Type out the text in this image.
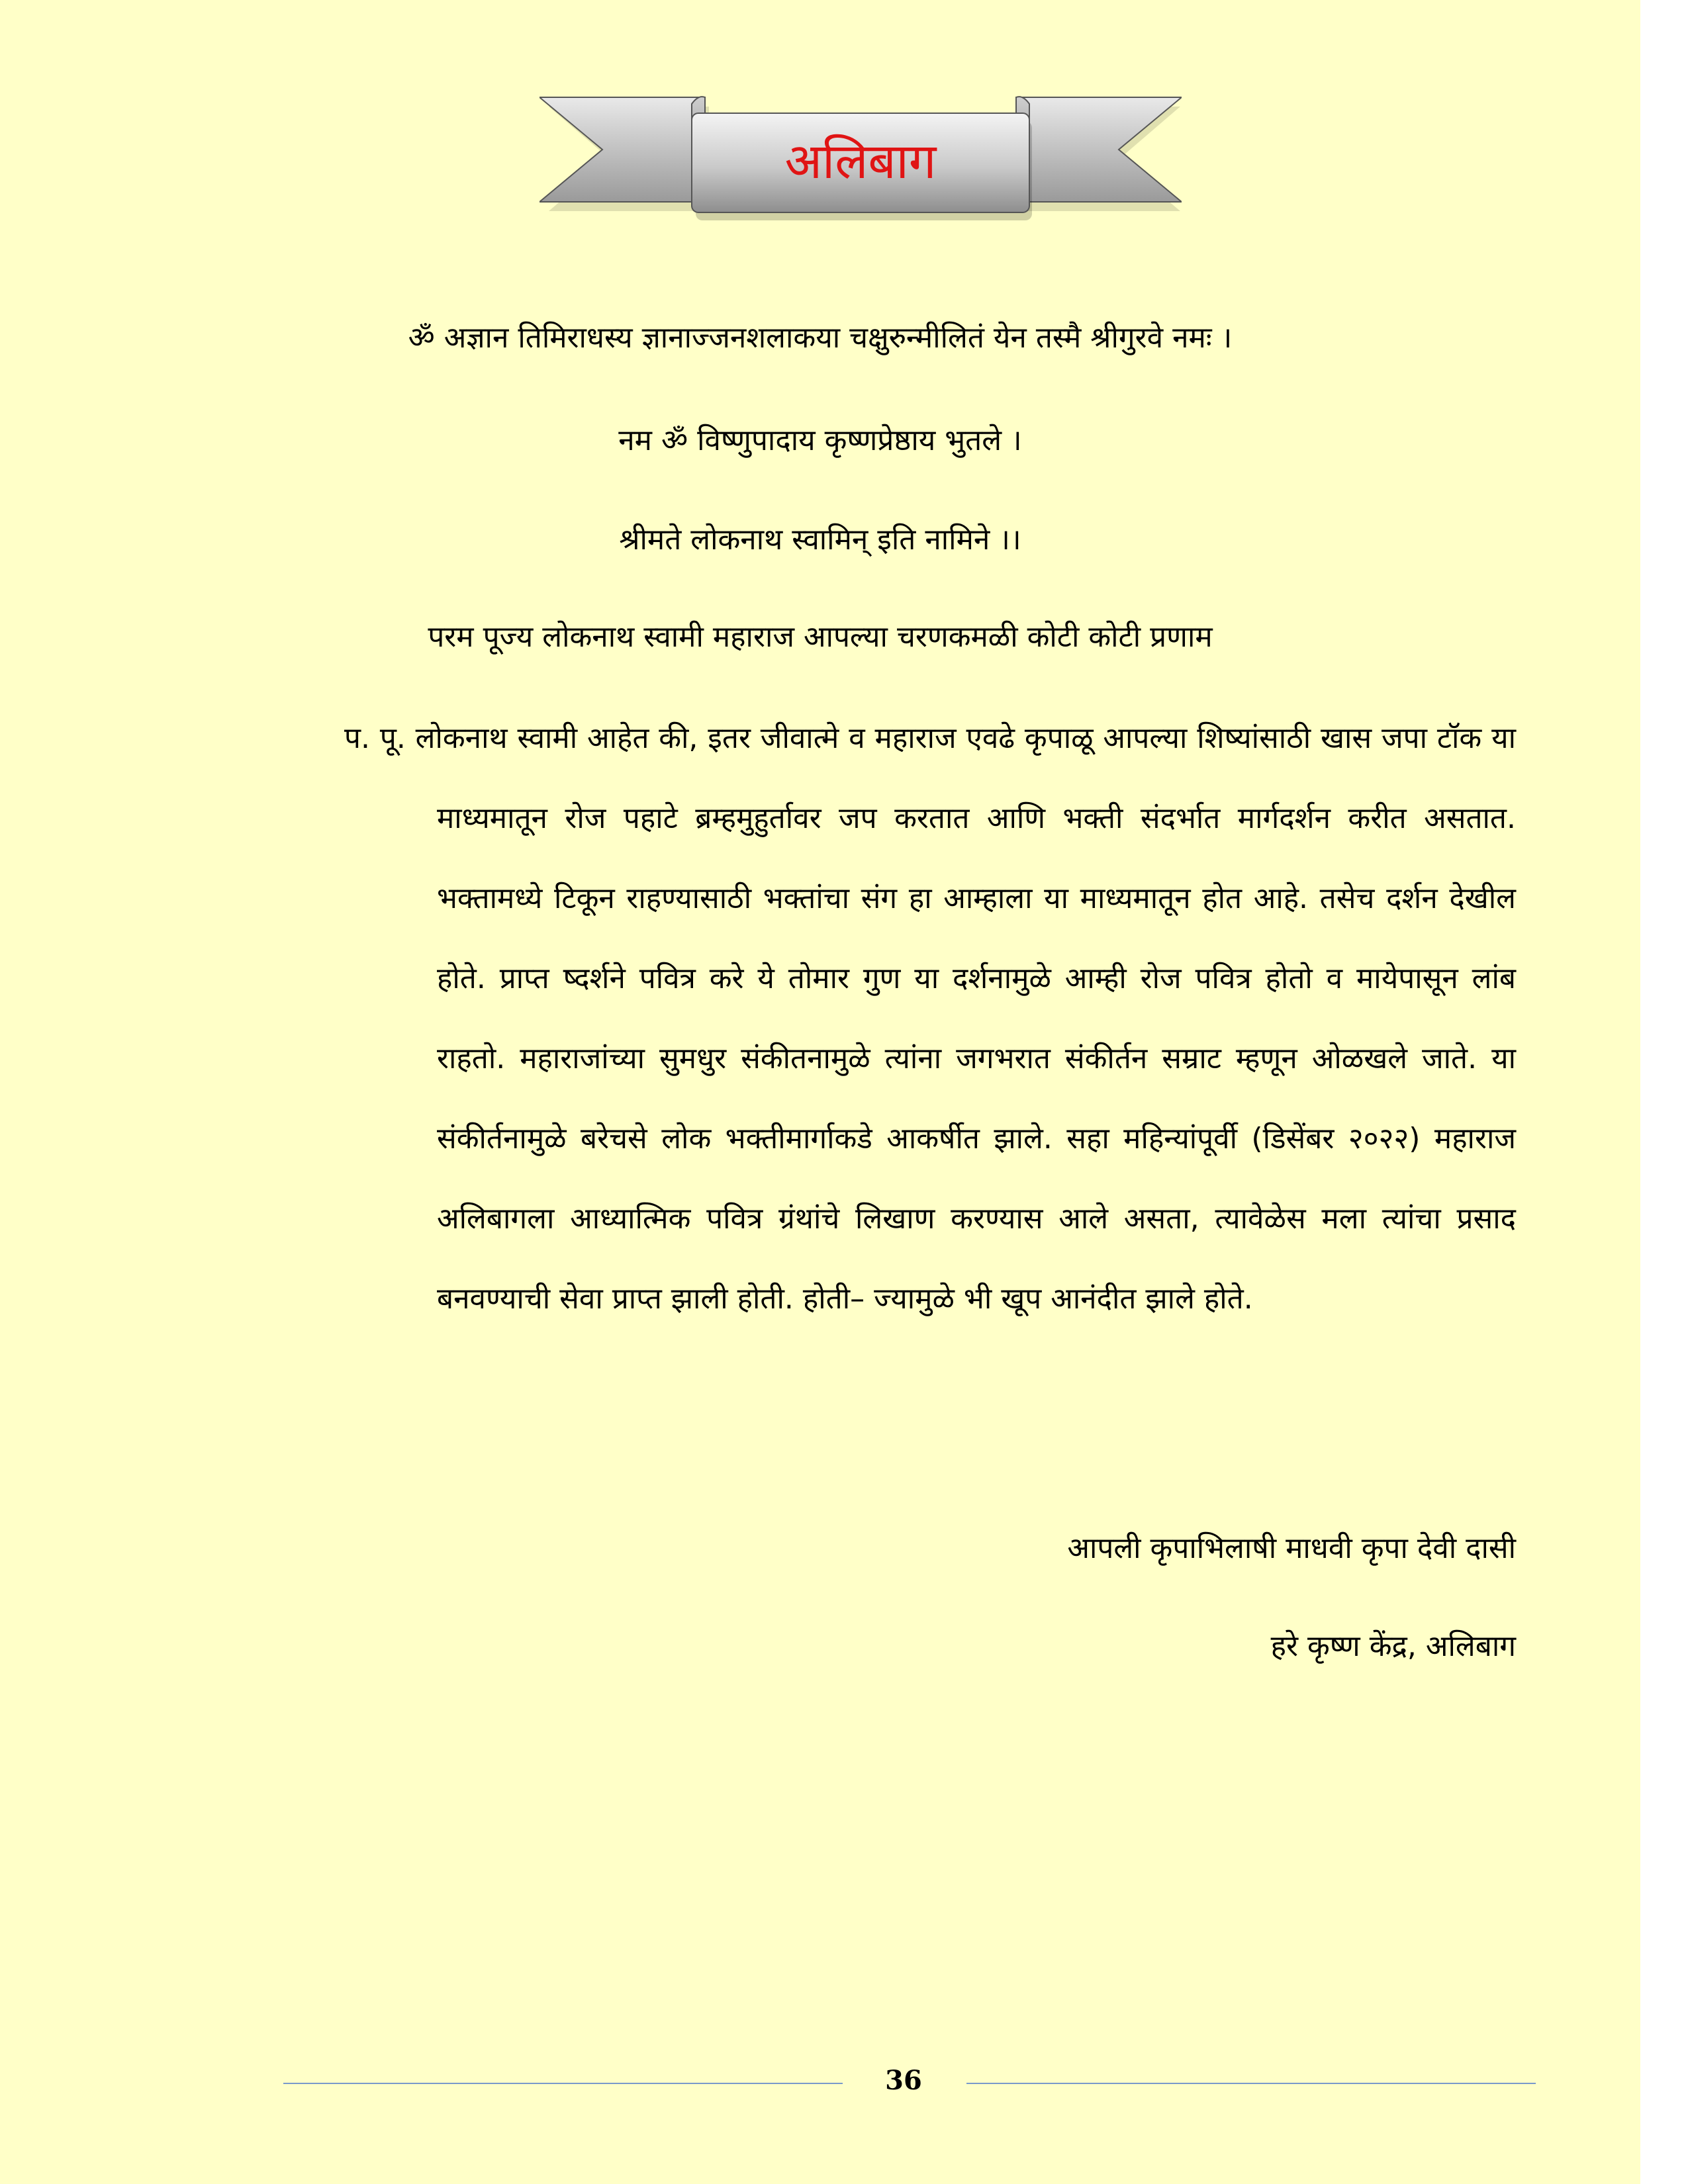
अलिबाग
ॐ अज्ञान तिमिराधस्य ज्ञानाज्जनशलाकया चक्षुरुन्मीलितं येन तस्मै श्रीगुरवे नमः ।
नम ॐ विष्णुपादाय कृष्णप्रेष्ठाय भुतले ।
श्रीमते लोकनाथ स्वामिन् इति नामिने ।।
परम पूज्य लोकनाथ स्वामी महाराज आपल्या चरणकमळी कोटी कोटी प्रणाम

प. पू. लोकनाथ स्वामी आहेत की, इतर जीवात्मे व महाराज एवढे कृपाळू आपल्या शिष्यांसाठी खास जपा टॉक या माध्यमातून रोज पहाटे ब्रम्हमुहुर्तावर जप करतात आणि भक्ती संदर्भात मार्गदर्शन करीत असतात. भक्तामध्ये टिकून राहण्यासाठी भक्तांचा संग हा आम्हाला या माध्यमातून होत आहे. तसेच दर्शन देखील होते. प्राप्त ष्दर्शने पवित्र करे ये तोमार गुण या दर्शनामुळे आम्ही रोज पवित्र होतो व मायेपासून लांब राहतो. महाराजांच्या सुमधुर संकीतनामुळे त्यांना जगभरात संकीर्तन सम्राट म्हणून ओळखले जाते. या संकीर्तनामुळे बरेचसे लोक भक्तीमार्गाकडे आकर्षीत झाले. सहा महिन्यांपूर्वी (डिसेंबर २०२२) महाराज अलिबागला आध्यात्मिक पवित्र ग्रंथांचे लिखाण करण्यास आले असता, त्यावेळेस मला त्यांचा प्रसाद बनवण्याची सेवा प्राप्त झाली होती. होती– ज्यामुळे भी खूप आनंदीत झाले होते.

आपली कृपाभिलाषी माधवी कृपा देवी दासी
हरे कृष्ण केंद्र, अलिबाग
36
